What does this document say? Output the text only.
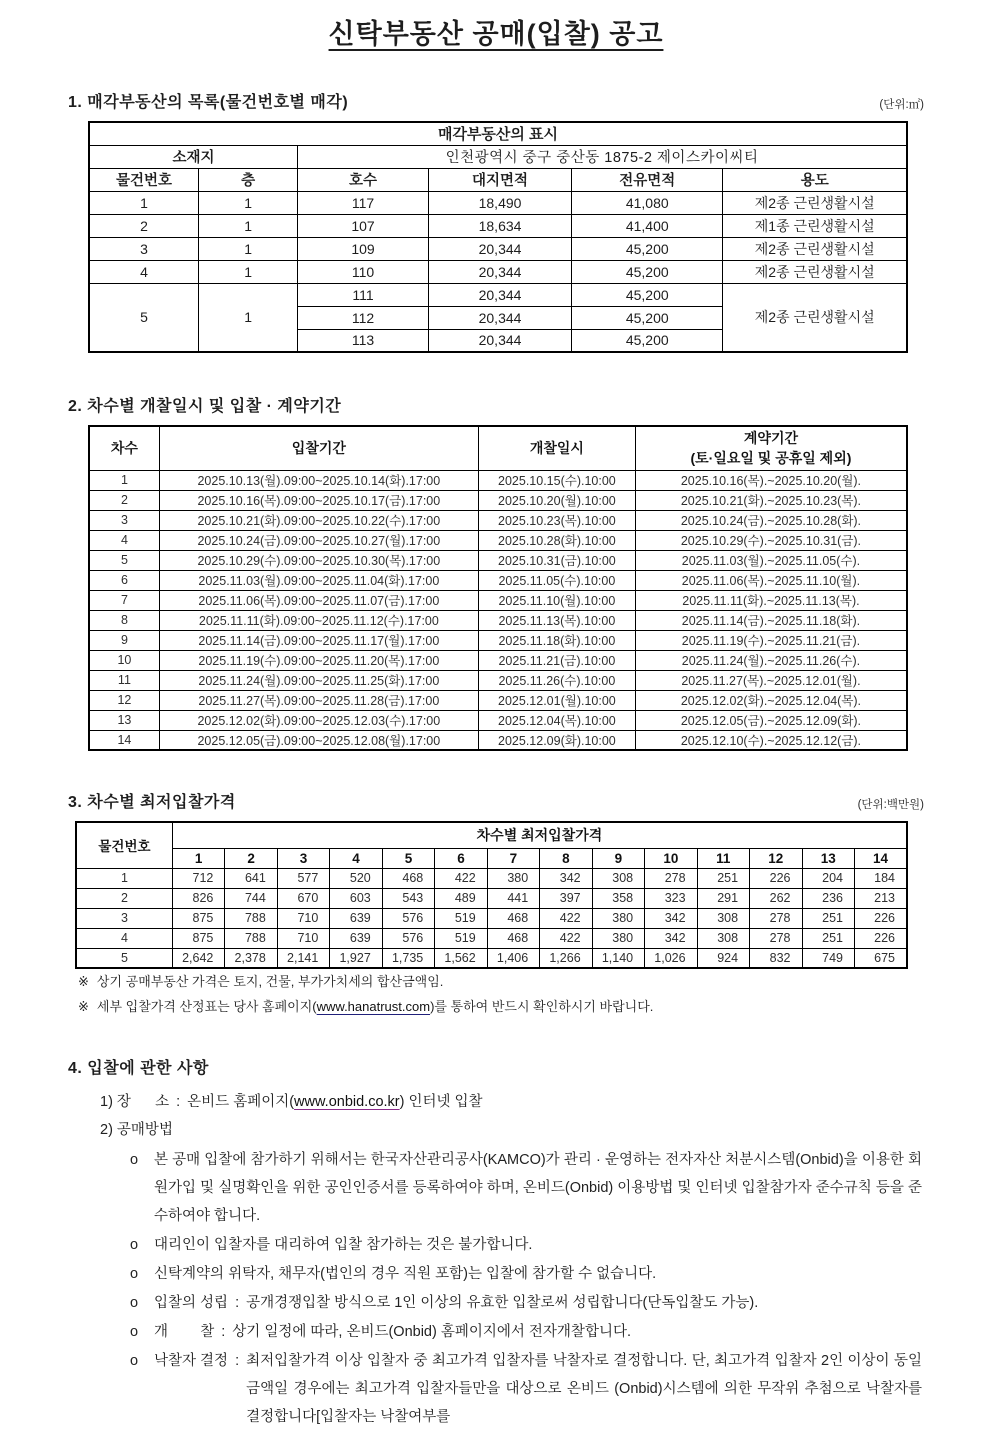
신탁부동산 공매(입찰) 공고
1. 매각부동산의 목록(물건번호별 매각)	(단위:㎡)
매각부동산의 표시					
소재지		인천광역시 중구 중산동 1875-2 제이스카이씨티			
물건번호	층	호수	대지면적	전유면적	용도
1	1	117	18,490	41,080	제2종 근린생활시설
2	1	107	18,634	41,400	제1종 근린생활시설
3	1	109	20,344	45,200	제2종 근린생활시설
4	1	110	20,344	45,200	제2종 근린생활시설
5	1	111	20,344	45,200	제2종 근린생활시설
		112	20,344	45,200	
		113	20,344	45,200	
2. 차수별 개찰일시 및 입찰 · 계약기간
차수	입찰기간	개찰일시	계약기간
(토·일요일 및 공휴일 제외)

1	2025.10.13(월).09:00~2025.10.14(화).17:00	2025.10.15(수).10:00	2025.10.16(목).~2025.10.20(월).
2	2025.10.16(목).09:00~2025.10.17(금).17:00	2025.10.20(월).10:00	2025.10.21(화).~2025.10.23(목).
3	2025.10.21(화).09:00~2025.10.22(수).17:00	2025.10.23(목).10:00	2025.10.24(금).~2025.10.28(화).
4	2025.10.24(금).09:00~2025.10.27(월).17:00	2025.10.28(화).10:00	2025.10.29(수).~2025.10.31(금).
5	2025.10.29(수).09:00~2025.10.30(목).17:00	2025.10.31(금).10:00	2025.11.03(월).~2025.11.05(수).
6	2025.11.03(월).09:00~2025.11.04(화).17:00	2025.11.05(수).10:00	2025.11.06(목).~2025.11.10(월).
7	2025.11.06(목).09:00~2025.11.07(금).17:00	2025.11.10(월).10:00	2025.11.11(화).~2025.11.13(목).
8	2025.11.11(화).09:00~2025.11.12(수).17:00	2025.11.13(목).10:00	2025.11.14(금).~2025.11.18(화).
9	2025.11.14(금).09:00~2025.11.17(월).17:00	2025.11.18(화).10:00	2025.11.19(수).~2025.11.21(금).
10	2025.11.19(수).09:00~2025.11.20(목).17:00	2025.11.21(금).10:00	2025.11.24(월).~2025.11.26(수).
11	2025.11.24(월).09:00~2025.11.25(화).17:00	2025.11.26(수).10:00	2025.11.27(목).~2025.12.01(월).
12	2025.11.27(목).09:00~2025.11.28(금).17:00	2025.12.01(월).10:00	2025.12.02(화).~2025.12.04(목).
13	2025.12.02(화).09:00~2025.12.03(수).17:00	2025.12.04(목).10:00	2025.12.05(금).~2025.12.09(화).
14	2025.12.05(금).09:00~2025.12.08(월).17:00	2025.12.09(화).10:00	2025.12.10(수).~2025.12.12(금).
3. 차수별 최저입찰가격	(단위:백만원)
물건번호	차수별 최저입찰가격													
	1	2	3	4	5	6	7	8	9	10	11	12	13	14
1	712	641	577	520	468	422	380	342	308	278	251	226	204	184
2	826	744	670	603	543	489	441	397	358	323	291	262	236	213
3	875	788	710	639	576	519	468	422	380	342	308	278	251	226
4	875	788	710	639	576	519	468	422	380	342	308	278	251	226
5	2,642	2,378	2,141	1,927	1,735	1,562	1,406	1,266	1,140	1,026	924	832	749	675
※ 상기 공매부동산 가격은 토지, 건물, 부가가치세의 합산금액임.
※ 세부 입찰가격 산정표는 당사 홈페이지(www.hanatrust.com)를 통하여 반드시 확인하시기 바랍니다.
4. 입찰에 관한 사항
1) 장      소 : 온비드 홈페이지(www.onbid.co.kr) 인터넷 입찰
2) 공매방법
o	본 공매 입찰에 참가하기 위해서는 한국자산관리공사(KAMCO)가 관리 · 운영하는 전자자산 처분시스템(Onbid)을 이용한 회원가입 및 실명확인을 위한 공인인증서를 등록하여야 하며, 온비드(Onbid) 이용방법 및 인터넷 입찰참가자 준수규칙 등을 준수하여야 합니다.
o	대리인이 입찰자를 대리하여 입찰 참가하는 것은 불가합니다.
o	신탁계약의 위탁자, 채무자(법인의 경우 직원 포함)는 입찰에 참가할 수 없습니다.
o	입찰의 성립 : 공개경쟁입찰 방식으로 1인 이상의 유효한 입찰로써 성립합니다(단독입찰도 가능).
o	개        찰 : 상기 일정에 따라, 온비드(Onbid) 홈페이지에서 전자개찰합니다.
o	낙찰자 결정 : 최저입찰가격 이상 입찰자 중 최고가격 입찰자를 낙찰자로 결정합니다. 단, 최고가격 입찰자 2인 이상이 동일금액일 경우에는 최고가격 입찰자들만을 대상으로 온비드 (Onbid)시스템에 의한 무작위 추첨으로 낙찰자를 결정합니다[입찰자는 낙찰여부를
